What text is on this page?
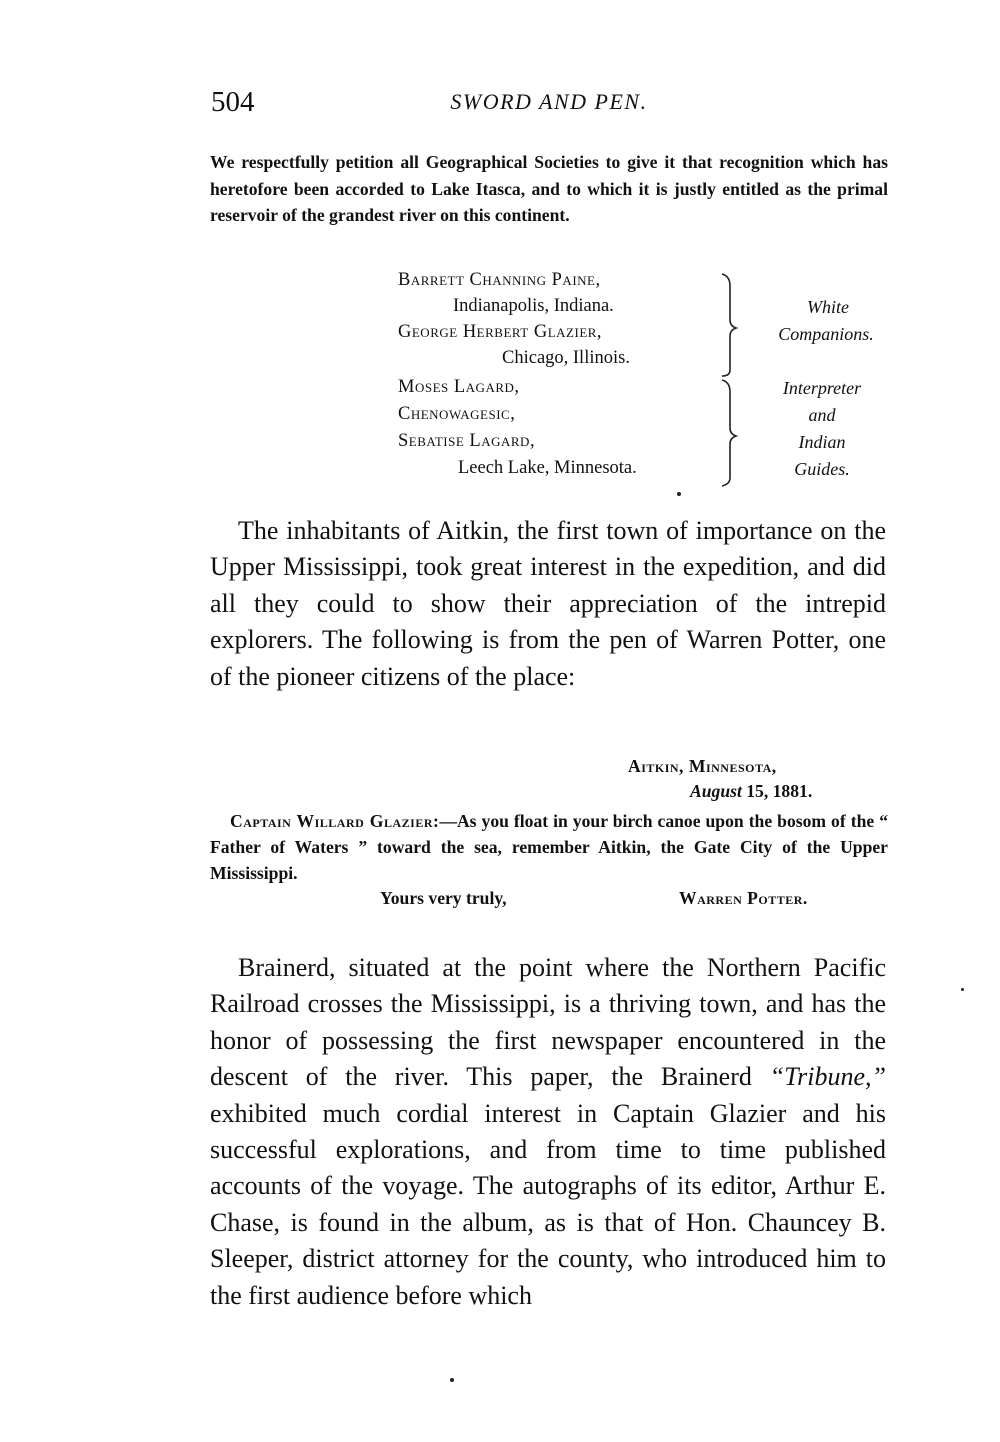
504	SWORD AND PEN.

We respectfully petition all Geographical Societies to give it that recognition which has heretofore been accorded to Lake Itasca, and to which it is justly entitled as the primal reservoir of the grandest river on this continent.

Barrett Channing Paine,
Indianapolis, Indiana.
George Herbert Glazier,
Chicago, Illinois.
Moses Lagard,
Chenowagesic,
Sebatise Lagard,
Leech Lake, Minnesota.
White
Companions.
Interpreter
and
Indian
Guides.

The inhabitants of Aitkin, the first town of importance on the Upper Mississippi, took great interest in the expedition, and did all they could to show their appreciation of the intrepid explorers. The following is from the pen of Warren Potter, one of the pioneer citizens of the place:

Aitkin, Minnesota,
August 15, 1881.

Captain Willard Glazier:—As you float in your birch canoe upon the bosom of the “ Father of Waters ” toward the sea, remember Aitkin, the Gate City of the Upper Mississippi.

Yours very truly,	Warren Potter.

Brainerd, situated at the point where the Northern Pacific Railroad crosses the Mississippi, is a thriving town, and has the honor of possessing the first newspaper encountered in the descent of the river. This paper, the Brainerd “Tribune,” exhibited much cordial interest in Captain Glazier and his successful explorations, and from time to time published accounts of the voyage. The autographs of its editor, Arthur E. Chase, is found in the album, as is that of Hon. Chauncey B. Sleeper, district attorney for the county, who introduced him to the first audience before which
